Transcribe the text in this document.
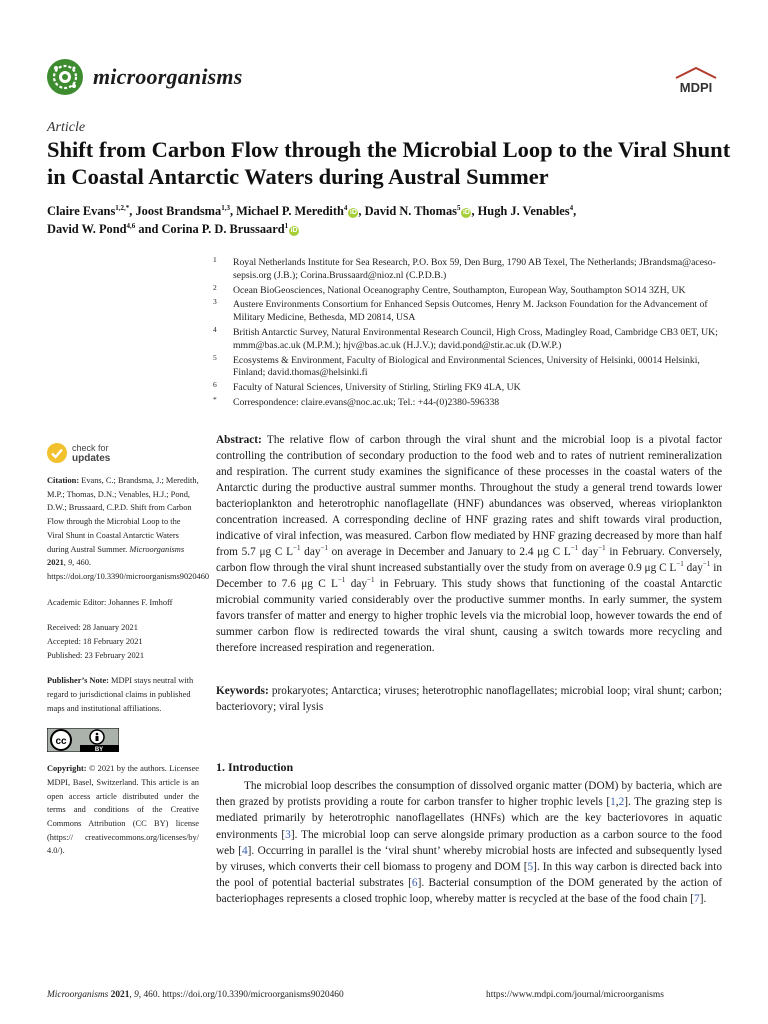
microorganisms	MDPI
Article
Shift from Carbon Flow through the Microbial Loop to the Viral Shunt in Coastal Antarctic Waters during Austral Summer
Claire Evans$^{1,2,*}$, Joost Brandsma$^{1,3}$, Michael P. Meredith$^4$iD , David N. Thomas$^5$iD , Hugh J. Venables$^4$,
David W. Pond$^{4,6}$ and Corina P. D. Brussaard$^1$iD
1 Royal Netherlands Institute for Sea Research, P.O. Box 59, Den Burg, 1790 AB Texel, The Netherlands; JBrandsma@aceso-sepsis.org (J.B.); Corina.Brussaard@nioz.nl (C.P.D.B.)
2 Ocean BioGeosciences, National Oceanography Centre, Southampton, European Way, Southampton SO14 3ZH, UK
3 Austere Environments Consortium for Enhanced Sepsis Outcomes, Henry M. Jackson Foundation for the Advancement of Military Medicine, Bethesda, MD 20814, USA
4 British Antarctic Survey, Natural Environmental Research Council, High Cross, Madingley Road, Cambridge CB3 0ET, UK; mmm@bas.ac.uk (M.P.M.); hjv@bas.ac.uk (H.J.V.); david.pond@stir.ac.uk (D.W.P.)
5 Ecosystems & Environment, Faculty of Biological and Environmental Sciences, University of Helsinki, 00014 Helsinki, Finland; david.thomas@helsinki.fi
6 Faculty of Natural Sciences, University of Stirling, Stirling FK9 4LA, UK
* Correspondence: claire.evans@noc.ac.uk; Tel.: +44-(0)2380-596338
check for
updates
Citation: Evans, C.; Brandsma, J.; Meredith, M.P.; Thomas, D.N.; Venables, H.J.; Pond, D.W.; Brussaard, C.P.D. Shift from Carbon Flow through the Microbial Loop to the Viral Shunt in Coastal Antarctic Waters during Austral Summer. Microorganisms 2021, 9, 460. https://doi.org/10.3390/microorganisms9020460
Academic Editor: Johannes F. Imhoff
Received: 28 January 2021
Accepted: 18 February 2021
Published: 23 February 2021
Publisher’s Note: MDPI stays neutral with regard to jurisdictional claims in published maps and institutional affiliations.
cc
BY
Copyright: © 2021 by the authors. Licensee MDPI, Basel, Switzerland. This article is an open access article distributed under the terms and conditions of the Creative Commons Attribution (CC BY) license (https:// creativecommons.org/licenses/by/ 4.0/).
Abstract: The relative flow of carbon through the viral shunt and the microbial loop is a pivotal factor controlling the contribution of secondary production to the food web and to rates of nutrient remineralization and respiration. The current study examines the significance of these processes in the coastal waters of the Antarctic during the productive austral summer months. Throughout the study a general trend towards lower bacterioplankton and heterotrophic nanoflagellate (HNF) abundances was observed, whereas virioplankton concentration increased. A corresponding decline of HNF grazing rates and shift towards viral production, indicative of viral infection, was measured. Carbon flow mediated by HNF grazing decreased by more than half from 5.7 μg C $L^{-1}$ day$^{-1}$ on average in December and January to 2.4 μg C $L^{-1}$ day$^{-1}$ in February. Conversely, carbon flow through the viral shunt increased substantially over the study from on average 0.9 μg C $L^{-1}$ day$^{-1}$ in December to 7.6 μg C $L^{-1}$ day$^{-1}$ in February. This study shows that functioning of the coastal Antarctic microbial community varied considerably over the productive summer months. In early summer, the system favors transfer of matter and energy to higher trophic levels via the microbial loop, however towards the end of summer carbon flow is redirected towards the viral shunt, causing a switch towards more recycling and therefore increased respiration and regeneration.
Keywords: prokaryotes; Antarctica; viruses; heterotrophic nanoflagellates; microbial loop; viral shunt; carbon; bacteriovory; viral lysis
1. Introduction
The microbial loop describes the consumption of dissolved organic matter (DOM) by bacteria, which are then grazed by protists providing a route for carbon transfer to higher trophic levels [1,2]. The grazing step is mediated primarily by heterotrophic nanoflagellates (HNFs) which are the key bacteriovores in aquatic environments [3]. The microbial loop can serve alongside primary production as a carbon source to the food web [4]. Occurring in parallel is the ‘viral shunt’ whereby microbial hosts are infected and subsequently lysed by viruses, which converts their cell biomass to progeny and DOM [5]. In this way carbon is directed back into the pool of potential bacterial substrates [6]. Bacterial consumption of the DOM generated by the action of bacteriophages represents a closed trophic loop, whereby matter is recycled at the base of the food chain [7].
Microorganisms 2021, 9, 460. https://doi.org/10.3390/microorganisms9020460	https://www.mdpi.com/journal/microorganisms
